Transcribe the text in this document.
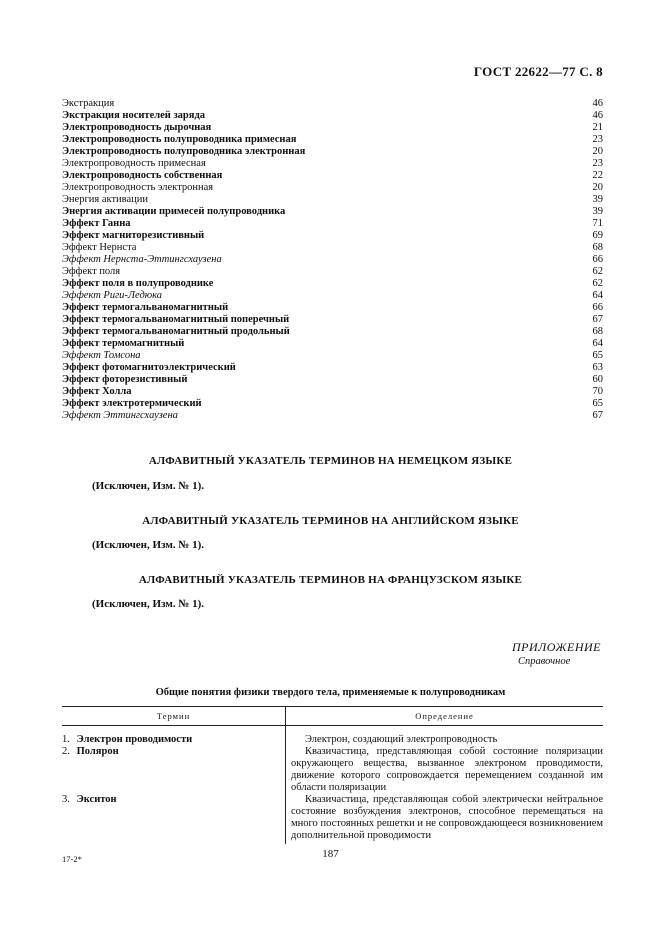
ГОСТ 22622—77 С. 8
Экстракция	46
Экстракция носителей заряда	46
Электропроводность дырочная	21
Электропроводность полупроводника примесная	23
Электропроводность полупроводника электронная	20
Электропроводность примесная	23
Электропроводность собственная	22
Электропроводность электронная	20
Энергия активации	39
Энергия активации примесей полупроводника	39
Эффект Ганна	71
Эффект магниторезистивный	69
Эффект Нернста	68
Эффект Нернста-Эттингсхаузена	66
Эффект поля	62
Эффект поля в полупроводнике	62
Эффект Риги-Ледюка	64
Эффект термогальваномагнитный	66
Эффект термогальваномагнитный поперечный	67
Эффект термогальваномагнитный продольный	68
Эффект термомагнитный	64
Эффект Томсона	65
Эффект фотомагнитоэлектрический	63
Эффект фоторезистивный	60
Эффект Холла	70
Эффект электротермический	65
Эффект Эттингсхаузена	67
АЛФАВИТНЫЙ УКАЗАТЕЛЬ ТЕРМИНОВ НА НЕМЕЦКОМ ЯЗЫКЕ
(Исключен, Изм. № 1).
АЛФАВИТНЫЙ УКАЗАТЕЛЬ ТЕРМИНОВ НА АНГЛИЙСКОМ ЯЗЫКЕ
(Исключен, Изм. № 1).
АЛФАВИТНЫЙ УКАЗАТЕЛЬ ТЕРМИНОВ НА ФРАНЦУЗСКОМ ЯЗЫКЕ
(Исключен, Изм. № 1).
ПРИЛОЖЕНИЕ
Справочное
Общие понятия физики твердого тела, применяемые к полупроводникам
Термин	Определение
1. Электрон проводимости	Электрон, создающий электропроводность

2. Полярон	Квазичастица, представляющая собой состояние поляризации окружающего вещества, вызванное электроном проводимости, движение которого сопровождается перемещением созданной им области поляризации

3. Экситон	Квазичастица, представляющая собой электрически нейтральное состояние возбуждения электронов, способное перемещаться на много постоянных решетки и не сопровождающееся возникновением дополнительной проводимости

187
17-2*
